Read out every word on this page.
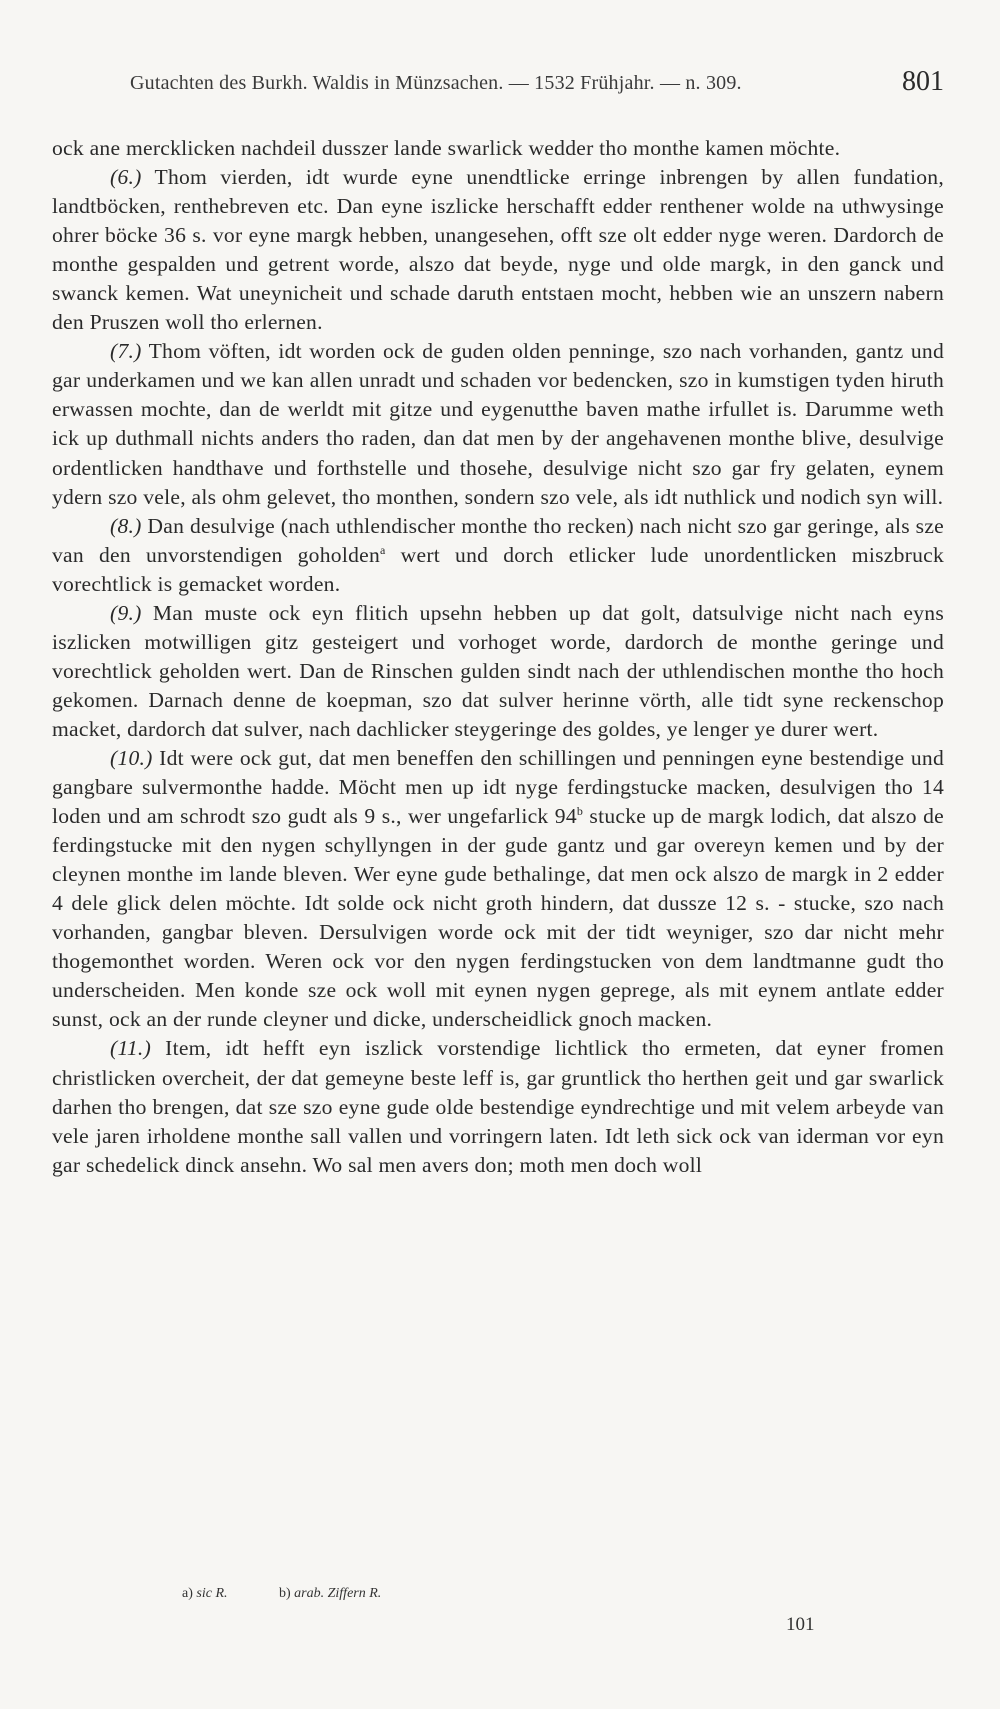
Gutachten des Burkh. Waldis in Münzsachen. — 1532 Frühjahr. — n. 309.	801

ock ane mercklicken nachdeil dusszer lande swarlick wedder tho monthe kamen möchte.

(6.) Thom vierden, idt wurde eyne unendtlicke erringe inbrengen by allen fundation, landtböcken, renthebreven etc. Dan eyne iszlicke herschafft edder renthener wolde na uthwysinge ohrer böcke 36 s. vor eyne margk hebben, unangesehen, offt sze olt edder nyge weren. Dardorch de monthe gespalden und getrent worde, alszo dat beyde, nyge und olde margk, in den ganck und swanck kemen. Wat uneynicheit und schade daruth entstaen mocht, hebben wie an unszern nabern den Pruszen woll tho erlernen.

(7.) Thom vöften, idt worden ock de guden olden penninge, szo nach vorhanden, gantz und gar underkamen und we kan allen unradt und schaden vor bedencken, szo in kumstigen tyden hiruth erwassen mochte, dan de werldt mit gitze und eygenutthe baven mathe irfullet is. Darumme weth ick up duthmall nichts anders tho raden, dan dat men by der angehavenen monthe blive, desulvige ordentlicken handthave und forthstelle und thosehe, desulvige nicht szo gar fry gelaten, eynem ydern szo vele, als ohm gelevet, tho monthen, sondern szo vele, als idt nuthlick und nodich syn will.

(8.) Dan desulvige (nach uthlendischer monthe tho recken) nach nicht szo gar geringe, als sze van den unvorstendigen goholden$^a$ wert und dorch etlicker lude unordentlicken miszbruck vorechtlick is gemacket worden.

(9.) Man muste ock eyn flitich upsehn hebben up dat golt, datsulvige nicht nach eyns iszlicken motwilligen gitz gesteigert und vorhoget worde, dardorch de monthe geringe und vorechtlick geholden wert. Dan de Rinschen gulden sindt nach der uthlendischen monthe tho hoch gekomen. Darnach denne de koepman, szo dat sulver herinne vörth, alle tidt syne reckenschop macket, dardorch dat sulver, nach dachlicker steygeringe des goldes, ye lenger ye durer wert.

(10.) Idt were ock gut, dat men beneffen den schillingen und penningen eyne bestendige und gangbare sulvermonthe hadde. Möcht men up idt nyge ferdingstucke macken, desulvigen tho 14 loden und am schrodt szo gudt als 9 s., wer ungefarlick 94$^b$ stucke up de margk lodich, dat alszo de ferdingstucke mit den nygen schyllyngen in der gude gantz und gar overeyn kemen und by der cleynen monthe im lande bleven. Wer eyne gude bethalinge, dat men ock alszo de margk in 2 edder 4 dele glick delen möchte. Idt solde ock nicht groth hindern, dat dussze 12 s. - stucke, szo nach vorhanden, gangbar bleven. Dersulvigen worde ock mit der tidt weyniger, szo dar nicht mehr thogemonthet worden. Weren ock vor den nygen ferdingstucken von dem landtmanne gudt tho underscheiden. Men konde sze ock woll mit eynen nygen geprege, als mit eynem antlate edder sunst, ock an der runde cleyner und dicke, underscheidlick gnoch macken.

(11.) Item, idt hefft eyn iszlick vorstendige lichtlick tho ermeten, dat eyner fromen christlicken overcheit, der dat gemeyne beste leff is, gar gruntlick tho herthen geit und gar swarlick darhen tho brengen, dat sze szo eyne gude olde bestendige eyndrechtige und mit velem arbeyde van vele jaren irholdene monthe sall vallen und vorringern laten. Idt leth sick ock van iderman vor eyn gar schedelick dinck ansehn. Wo sal men avers don; moth men doch woll

a) sic R.	b) arab. Ziffern R.
101
